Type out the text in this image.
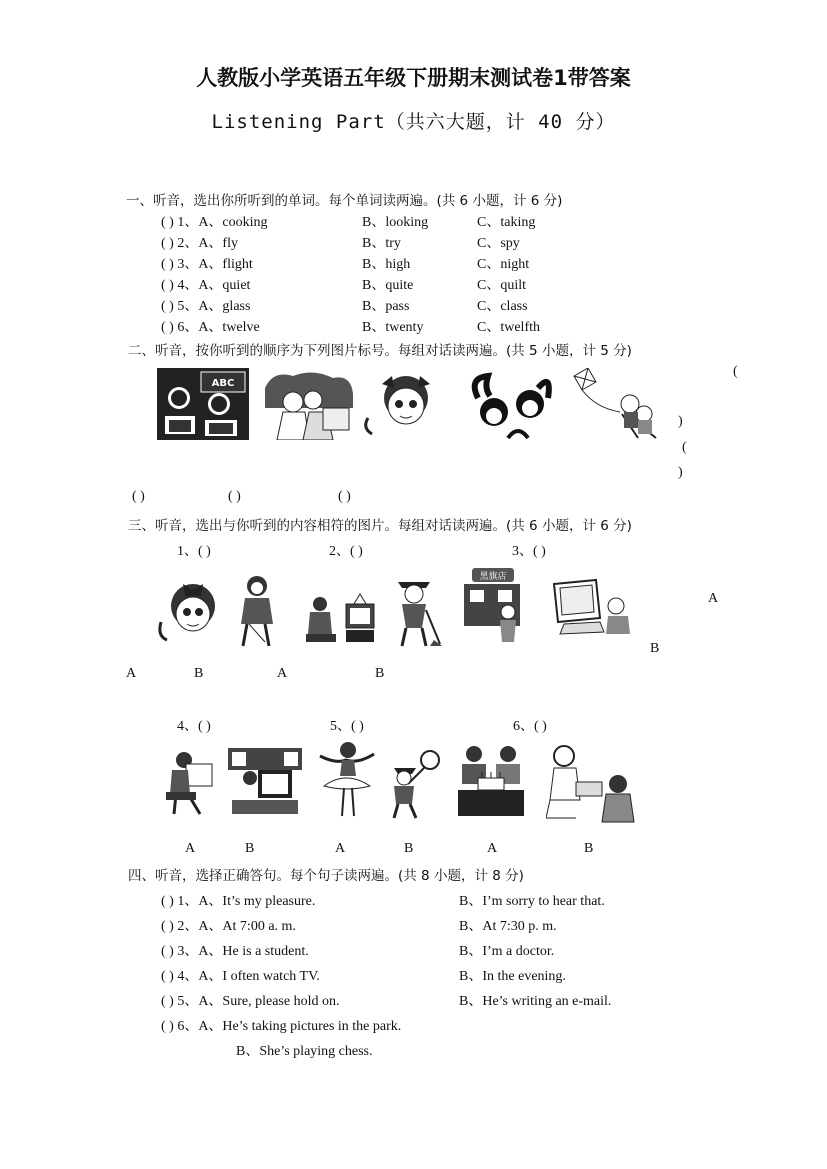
人教版小学英语五年级下册期末测试卷1带答案
Listening Part（共六大题，计 40 分）
一、听音，选出你所听到的单词。每个单词读两遍。(共 6 小题，计 6 分)
( ) 1、A、cooking	B、looking	C、taking
( ) 2、A、fly	B、try	C、spy
( ) 3、A、flight	B、high	C、night
( ) 4、A、quiet	B、quite	C、quilt
( ) 5、A、glass	B、pass	C、class
( ) 6、A、twelve	B、twenty	C、twelfth
二、听音，按你听到的顺序为下列图片标号。每组对话读两遍。(共 5 小题，计 5 分)
ABC
(
)
(
)
( )	( )	( )
三、听音，选出与你听到的内容相符的图片。每组对话读两遍。(共 6 小题，计 6 分)
1、( )	2、( )	3、( )
黑旗店
A
B
A	B	A	B
4、( )	5、( )	6、( )
A	B	A	B	A	B
四、听音，选择正确答句。每个句子读两遍。(共 8 小题，计 8 分)
( ) 1、A、It’s my pleasure.	B、I’m sorry to hear that.
( ) 2、A、At 7:00 a. m.	B、At 7:30 p. m.
( ) 3、A、He is a student.	B、I’m a doctor.
( ) 4、A、I often watch TV.	B、In the evening.
( ) 5、A、Sure, please hold on.	B、He’s writing an e-mail.
( ) 6、A、He’s taking pictures in the park.
B、She’s playing chess.
